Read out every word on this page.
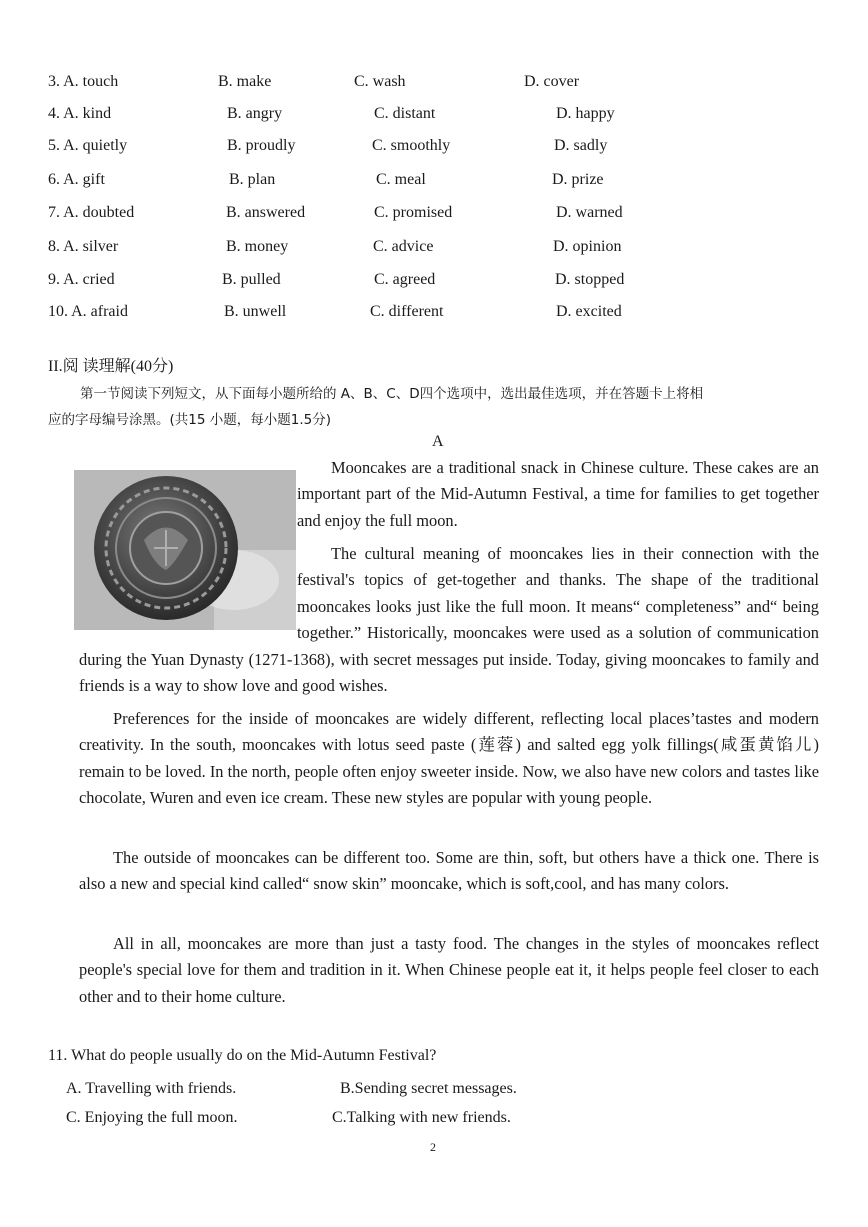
3. A. touch	B. make	C. wash	D. cover
4. A. kind	B. angry	C. distant	D. happy
5. A. quietly	B. proudly	C. smoothly	D. sadly
6. A. gift	B. plan	C. meal	D. prize
7. A. doubted	B. answered	C. promised	D. warned
8. A. silver	B. money	C. advice	D. opinion
9. A. cried	B. pulled	C. agreed	D. stopped
10. A. afraid	B. unwell	C. different	D. excited
II.阅 读理解(40分)
第一节阅读下列短文，从下面每小题所给的 A、B、C、D四个选项中，选出最佳选项，并在答题卡上将相
应的字母编号涂黑。(共15 小题，每小题1.5分)
A
Mooncakes are a traditional snack in Chinese culture. These cakes are an important part of the Mid-Autumn Festival, a time for families to get together and enjoy the full moon.
The cultural meaning of mooncakes lies in their connection with the festival's topics of get-together and thanks. The shape of the traditional mooncakes looks just like the full moon. It means“ completeness” and“ being together.” Historically, mooncakes were used as a solution of communication during the Yuan Dynasty (1271-1368), with secret messages put inside. Today, giving mooncakes to family and friends is a way to show love and good wishes.
Preferences for the inside of mooncakes are widely different, reflecting local places’tastes and modern creativity. In the south, mooncakes with lotus seed paste (莲蓉) and salted egg yolk fillings(咸蛋黄馅儿) remain to be loved. In the north, people often enjoy sweeter inside. Now, we also have new colors and tastes like chocolate, Wuren and even ice cream. These new styles are popular with young people.
The outside of mooncakes can be different too. Some are thin, soft, but others have a thick one. There is also a new and special kind called“ snow skin” mooncake, which is soft,cool, and has many colors.
All in all, mooncakes are more than just a tasty food. The changes in the styles of mooncakes reflect people's special love for them and tradition in it. When Chinese people eat it, it helps people feel closer to each other and to their home culture.
11. What do people usually do on the Mid-Autumn Festival?
A. Travelling with friends.	B.Sending secret messages.
C. Enjoying the full moon.	C.Talking with new friends.
2
